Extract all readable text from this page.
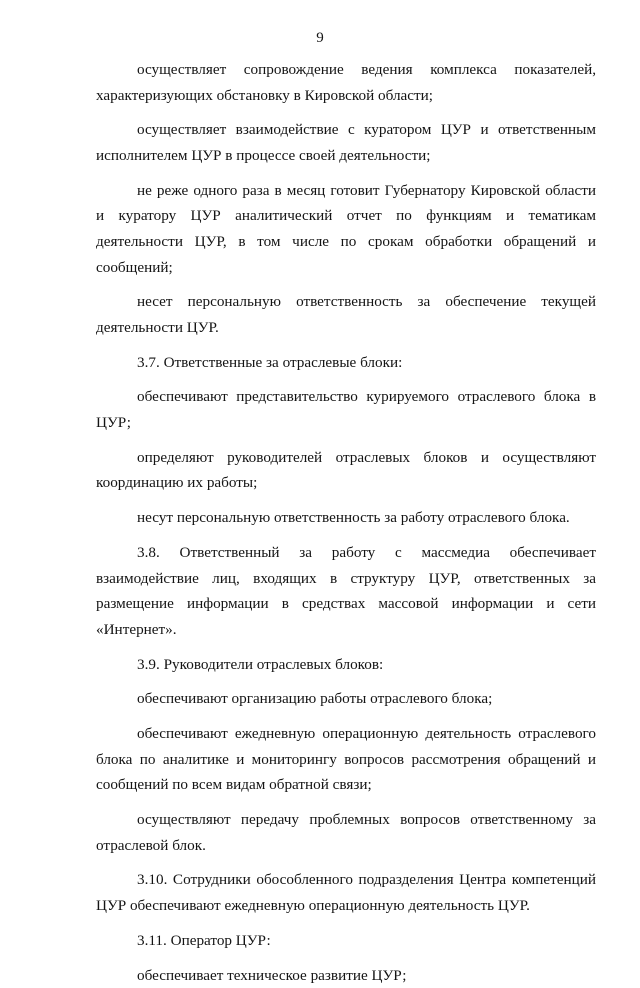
9

осуществляет сопровождение ведения комплекса показателей, характеризующих обстановку в Кировской области;

осуществляет взаимодействие с куратором ЦУР и ответственным исполнителем ЦУР в процессе своей деятельности;

не реже одного раза в месяц готовит Губернатору Кировской области и куратору ЦУР аналитический отчет по функциям и тематикам деятельности ЦУР, в том числе по срокам обработки обращений и сообщений;

несет персональную ответственность за обеспечение текущей деятельности ЦУР.

3.7. Ответственные за отраслевые блоки:

обеспечивают представительство курируемого отраслевого блока в ЦУР;

определяют руководителей отраслевых блоков и осуществляют координацию их работы;

несут персональную ответственность за работу отраслевого блока.

3.8. Ответственный за работу с массмедиа обеспечивает взаимодействие лиц, входящих в структуру ЦУР, ответственных за размещение информации в средствах массовой информации и сети «Интернет».

3.9. Руководители отраслевых блоков:

обеспечивают организацию работы отраслевого блока;

обеспечивают ежедневную операционную деятельность отраслевого блока по аналитике и мониторингу вопросов рассмотрения обращений и сообщений по всем видам обратной связи;

осуществляют передачу проблемных вопросов ответственному за отраслевой блок.

3.10. Сотрудники обособленного подразделения Центра компетенций ЦУР обеспечивают ежедневную операционную деятельность ЦУР.

3.11. Оператор ЦУР:

обеспечивает техническое развитие ЦУР;
